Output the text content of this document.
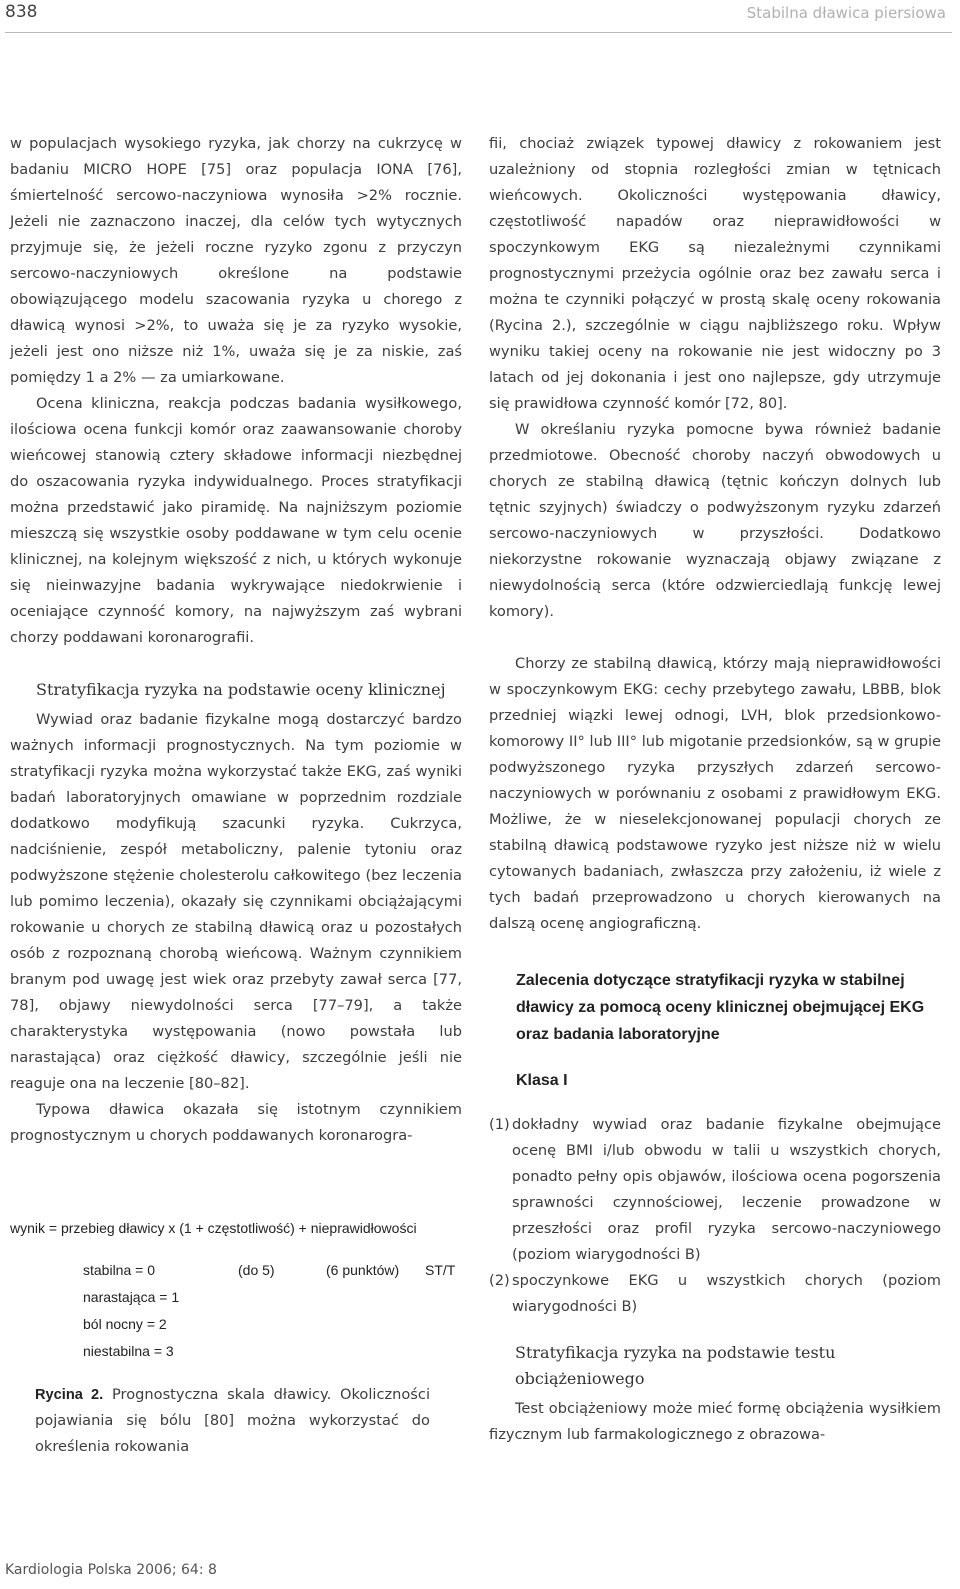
838	Stabilna dławica piersiowa

w populacjach wysokiego ryzyka, jak chorzy na cukrzycę w badaniu MICRO HOPE [75] oraz populacja IONA [76], śmiertelność sercowo-naczyniowa wynosiła >2% rocznie. Jeżeli nie zaznaczono inaczej, dla celów tych wytycznych przyjmuje się, że jeżeli roczne ryzyko zgonu z przyczyn sercowo-naczyniowych określone na podstawie obowiązującego modelu szacowania ryzyka u chorego z dławicą wynosi >2%, to uważa się je za ryzyko wysokie, jeżeli jest ono niższe niż 1%, uważa się je za niskie, zaś pomiędzy 1 a 2% — za umiarkowane.

Ocena kliniczna, reakcja podczas badania wysiłkowego, ilościowa ocena funkcji komór oraz zaawansowanie choroby wieńcowej stanowią cztery składowe informacji niezbędnej do oszacowania ryzyka indywidualnego. Proces stratyfikacji można przedstawić jako piramidę. Na najniższym poziomie mieszczą się wszystkie osoby poddawane w tym celu ocenie klinicznej, na kolejnym większość z nich, u których wykonuje się nieinwazyjne badania wykrywające niedokrwienie i oceniające czynność komory, na najwyższym zaś wybrani chorzy poddawani koronarografii.

Stratyfikacja ryzyka na podstawie oceny klinicznej

Wywiad oraz badanie fizykalne mogą dostarczyć bardzo ważnych informacji prognostycznych. Na tym poziomie w stratyfikacji ryzyka można wykorzystać także EKG, zaś wyniki badań laboratoryjnych omawiane w poprzednim rozdziale dodatkowo modyfikują szacunki ryzyka. Cukrzyca, nadciśnienie, zespół metaboliczny, palenie tytoniu oraz podwyższone stężenie cholesterolu całkowitego (bez leczenia lub pomimo leczenia), okazały się czynnikami obciążającymi rokowanie u chorych ze stabilną dławicą oraz u pozostałych osób z rozpoznaną chorobą wieńcową. Ważnym czynnikiem branym pod uwagę jest wiek oraz przebyty zawał serca [77, 78], objawy niewydolności serca [77–79], a także charakterystyka występowania (nowo powstała lub narastająca) oraz ciężkość dławicy, szczególnie jeśli nie reaguje ona na leczenie [80–82].

Typowa dławica okazała się istotnym czynnikiem prognostycznym u chorych poddawanych koronarogra-

wynik = przebieg dławicy x (1 + częstotliwość) + nieprawidłowości
stabilna = 0	(do 5)	(6 punktów) ST/T
narastająca = 1
ból nocny = 2
niestabilna = 3
Rycina 2. Prognostyczna skala dławicy. Okoliczności pojawiania się bólu [80] można wykorzystać do określenia rokowania

fii, chociaż związek typowej dławicy z rokowaniem jest uzależniony od stopnia rozległości zmian w tętnicach wieńcowych. Okoliczności występowania dławicy, częstotliwość napadów oraz nieprawidłowości w spoczynkowym EKG są niezależnymi czynnikami prognostycznymi przeżycia ogólnie oraz bez zawału serca i można te czynniki połączyć w prostą skalę oceny rokowania (Rycina 2.), szczególnie w ciągu najbliższego roku. Wpływ wyniku takiej oceny na rokowanie nie jest widoczny po 3 latach od jej dokonania i jest ono najlepsze, gdy utrzymuje się prawidłowa czynność komór [72, 80].

W określaniu ryzyka pomocne bywa również badanie przedmiotowe. Obecność choroby naczyń obwodowych u chorych ze stabilną dławicą (tętnic kończyn dolnych lub tętnic szyjnych) świadczy o podwyższonym ryzyku zdarzeń sercowo-naczyniowych w przyszłości. Dodatkowo niekorzystne rokowanie wyznaczają objawy związane z niewydolnością serca (które odzwierciedlają funkcję lewej komory).

Chorzy ze stabilną dławicą, którzy mają nieprawidłowości w spoczynkowym EKG: cechy przebytego zawału, LBBB, blok przedniej wiązki lewej odnogi, LVH, blok przedsionkowo-komorowy II° lub III° lub migotanie przedsionków, są w grupie podwyższonego ryzyka przyszłych zdarzeń sercowo-naczyniowych w porównaniu z osobami z prawidłowym EKG. Możliwe, że w nieselekcjonowanej populacji chorych ze stabilną dławicą podstawowe ryzyko jest niższe niż w wielu cytowanych badaniach, zwłaszcza przy założeniu, iż wiele z tych badań przeprowadzono u chorych kierowanych na dalszą ocenę angiograficzną.

Zalecenia dotyczące stratyfikacji ryzyka w stabilnej dławicy za pomocą oceny klinicznej obejmującej EKG oraz badania laboratoryjne
Klasa I
(1) dokładny wywiad oraz badanie fizykalne obejmujące ocenę BMI i/lub obwodu w talii u wszystkich chorych, ponadto pełny opis objawów, ilościowa ocena pogorszenia sprawności czynnościowej, leczenie prowadzone w przeszłości oraz profil ryzyka sercowo-naczyniowego (poziom wiarygodności B)
(2) spoczynkowe EKG u wszystkich chorych (poziom wiarygodności B)
Stratyfikacja ryzyka na podstawie testu obciążeniowego

Test obciążeniowy może mieć formę obciążenia wysiłkiem fizycznym lub farmakologicznego z obrazowa-

Kardiologia Polska 2006; 64: 8
